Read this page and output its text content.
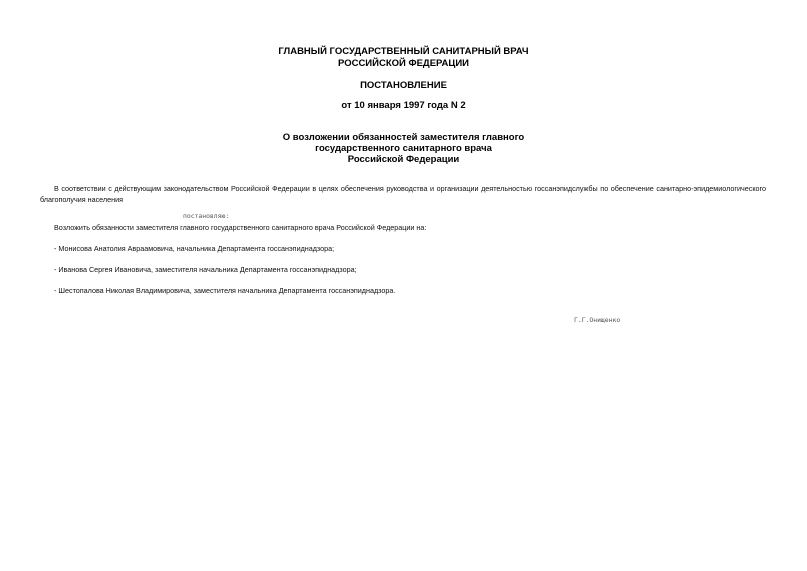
ГЛАВНЫЙ ГОСУДАРСТВЕННЫЙ САНИТАРНЫЙ ВРАЧ
РОССИЙСКОЙ ФЕДЕРАЦИИ
ПОСТАНОВЛЕНИЕ
от 10 января 1997 года N 2
О возложении обязанностей заместителя главного
государственного санитарного врача
Российской Федерации
В соответствии с действующим законодательством Российской Федерации в целях обеспечения руководства и организации деятельностью госсанэпидслужбы по обеспечение санитарно-эпидемиологического благополучия населения
постановляю:
Возложить обязанности заместителя главного государственного санитарного врача Российской Федерации на:
- Монисова Анатолия Авраамовича, начальника Департамента госсанэпиднадзора;
- Иванова Сергея Ивановича, заместителя начальника Департамента госсанэпиднадзора;
- Шестопалова Николая Владимировича, заместителя начальника Департамента госсанэпиднадзора.
Г.Г.Онищенко
